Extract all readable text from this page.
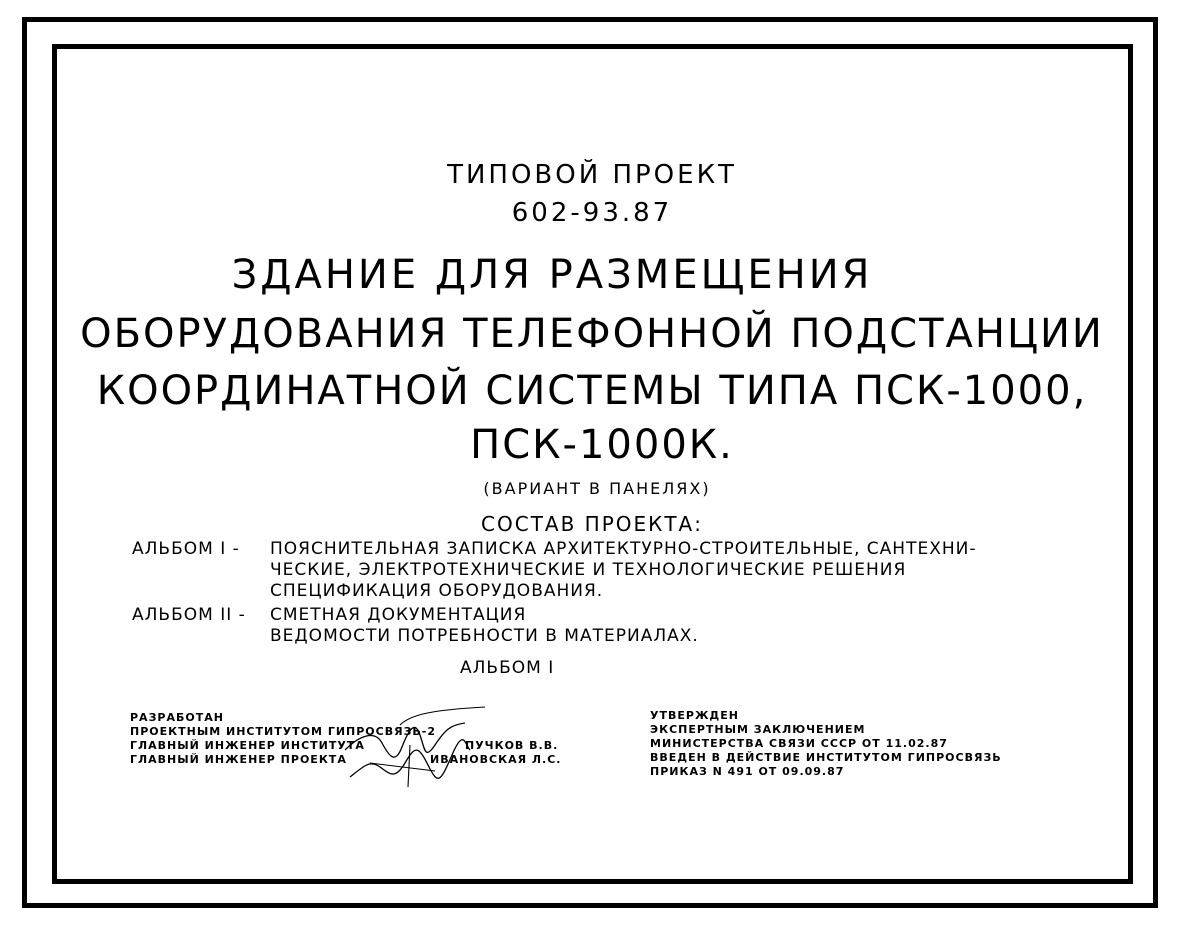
ТИПОВОЙ ПРОЕКТ
602-93.87
ЗДАНИЕ ДЛЯ РАЗМЕЩЕНИЯ
ОБОРУДОВАНИЯ ТЕЛЕФОННОЙ ПОДСТАНЦИИ
КООРДИНАТНОЙ СИСТЕМЫ ТИПА ПСК-1000,
ПСК-1000К.
(ВАРИАНТ В ПАНЕЛЯХ)
СОСТАВ ПРОЕКТА:
АЛЬБОМ I - ПОЯСНИТЕЛЬНАЯ ЗАПИСКА АРХИТЕКТУРНО-СТРОИТЕЛЬНЫЕ, САНТЕХНИ-
ЧЕСКИЕ, ЭЛЕКТРОТЕХНИЧЕСКИЕ И ТЕХНОЛОГИЧЕСКИЕ РЕШЕНИЯ
СПЕЦИФИКАЦИЯ ОБОРУДОВАНИЯ.
АЛЬБОМ II - СМЕТНАЯ ДОКУМЕНТАЦИЯ
ВЕДОМОСТИ ПОТРЕБНОСТИ В МАТЕРИАЛАХ.
АЛЬБОМ I
РАЗРАБОТАН
ПРОЕКТНЫМ ИНСТИТУТОМ ГИПРОСВЯЗЬ-2
ГЛАВНЫЙ ИНЖЕНЕР ИНСТИТУТА	ПУЧКОВ В.В.
ГЛАВНЫЙ ИНЖЕНЕР ПРОЕКТА	ИВАНОВСКАЯ Л.С.
УТВЕРЖДЕН
ЭКСПЕРТНЫМ ЗАКЛЮЧЕНИЕМ
МИНИСТЕРСТВА СВЯЗИ СССР ОТ 11.02.87
ВВЕДЕН В ДЕЙСТВИЕ ИНСТИТУТОМ ГИПРОСВЯЗЬ
ПРИКАЗ N 491 ОТ 09.09.87
